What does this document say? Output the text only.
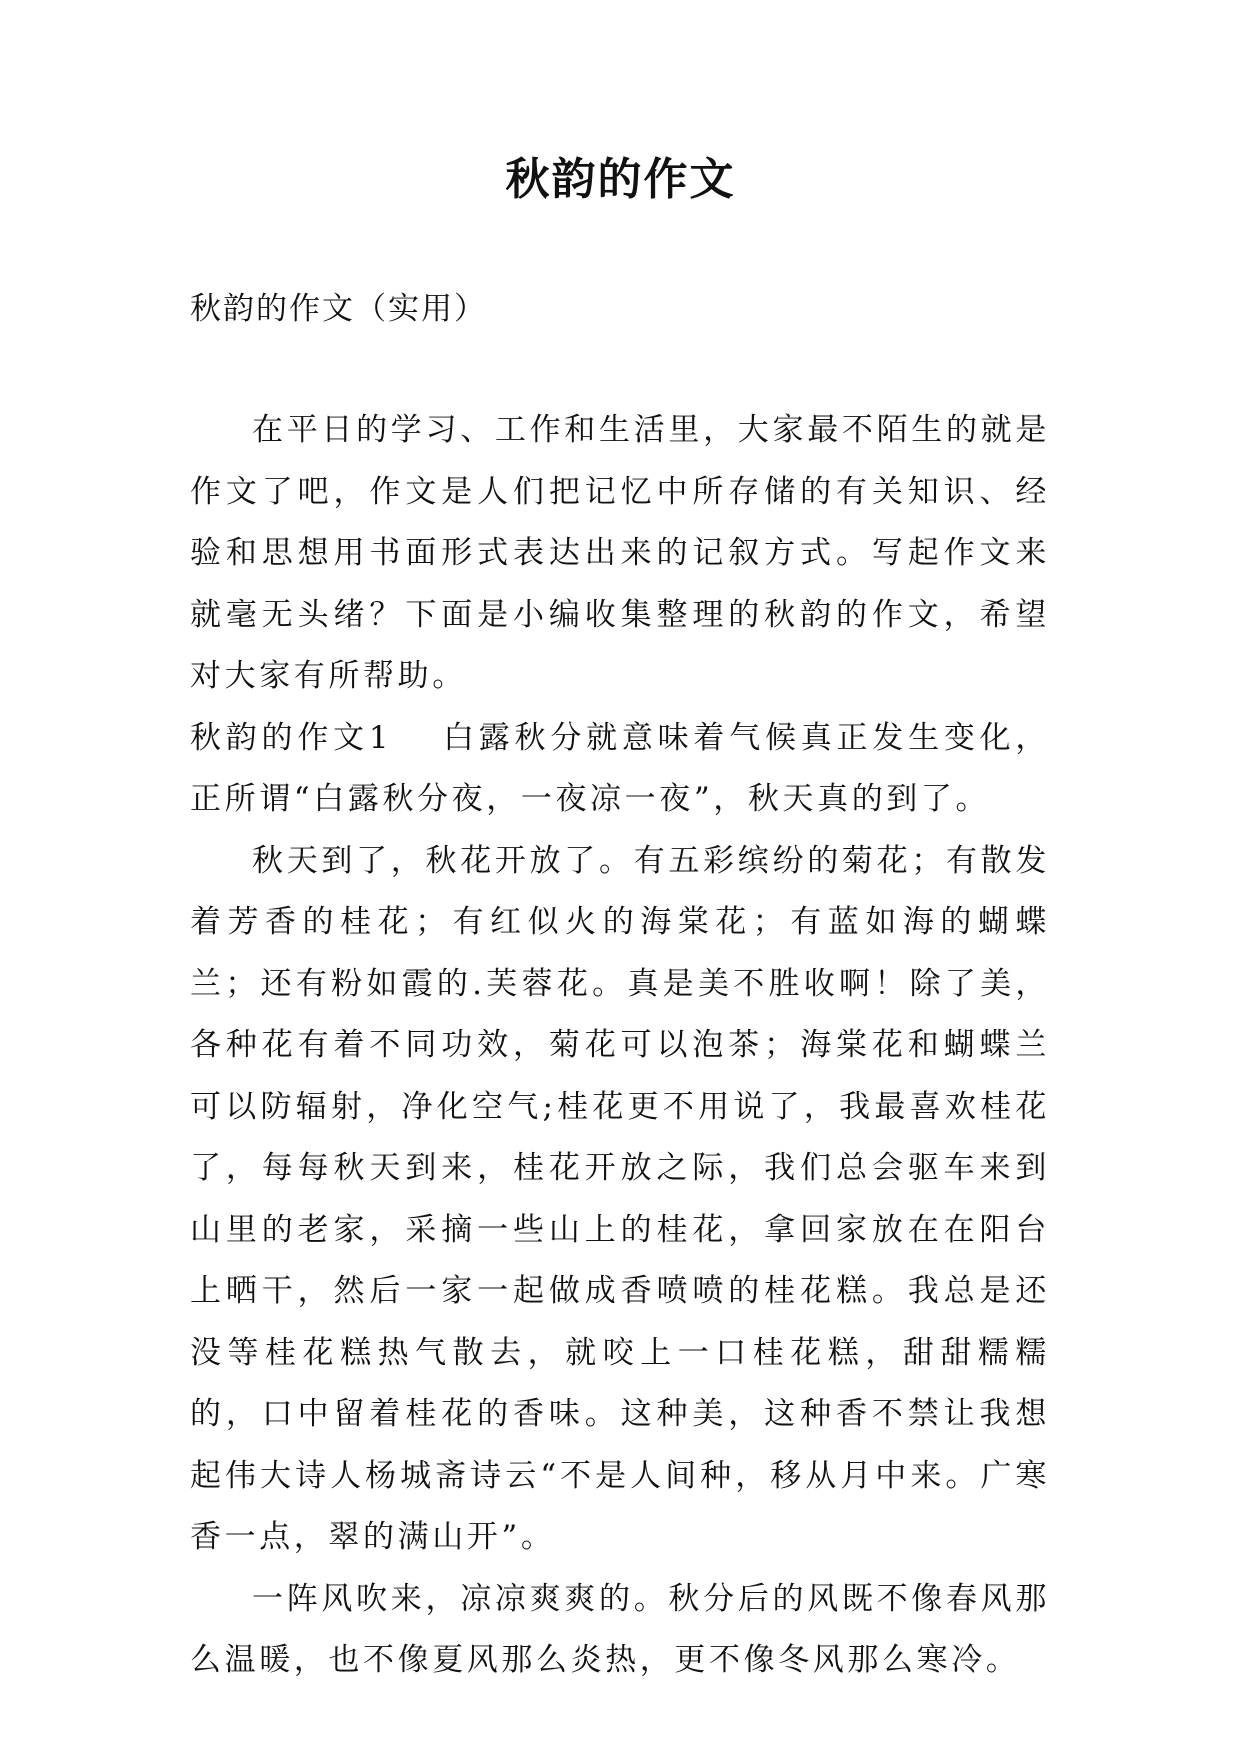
秋韵的作文
秋韵的作文（实用）

在平日的学习、工作和生活里，大家最不陌生的就是作文了吧，作文是人们把记忆中所存储的有关知识、经验和思想用书面形式表达出来的记叙方式。写起作文来就毫无头绪？下面是小编收集整理的秋韵的作文，希望对大家有所帮助。

秋韵的作文1 白露秋分就意味着气候真正发生变化，正所谓“白露秋分夜，一夜凉一夜”，秋天真的到了。

秋天到了，秋花开放了。有五彩缤纷的菊花；有散发着芳香的桂花；有红似火的海棠花；有蓝如海的蝴蝶兰；还有粉如霞的.芙蓉花。真是美不胜收啊！除了美，各种花有着不同功效，菊花可以泡茶；海棠花和蝴蝶兰可以防辐射，净化空气;桂花更不用说了，我最喜欢桂花了，每每秋天到来，桂花开放之际，我们总会驱车来到山里的老家，采摘一些山上的桂花，拿回家放在在阳台上晒干，然后一家一起做成香喷喷的桂花糕。我总是还没等桂花糕热气散去，就咬上一口桂花糕，甜甜糯糯的，口中留着桂花的香味。这种美，这种香不禁让我想起伟大诗人杨城斋诗云“不是人间种，移从月中来。广寒香一点，翠的满山开”。

一阵风吹来，凉凉爽爽的。秋分后的风既不像春风那么温暖，也不像夏风那么炎热，更不像冬风那么寒冷。
